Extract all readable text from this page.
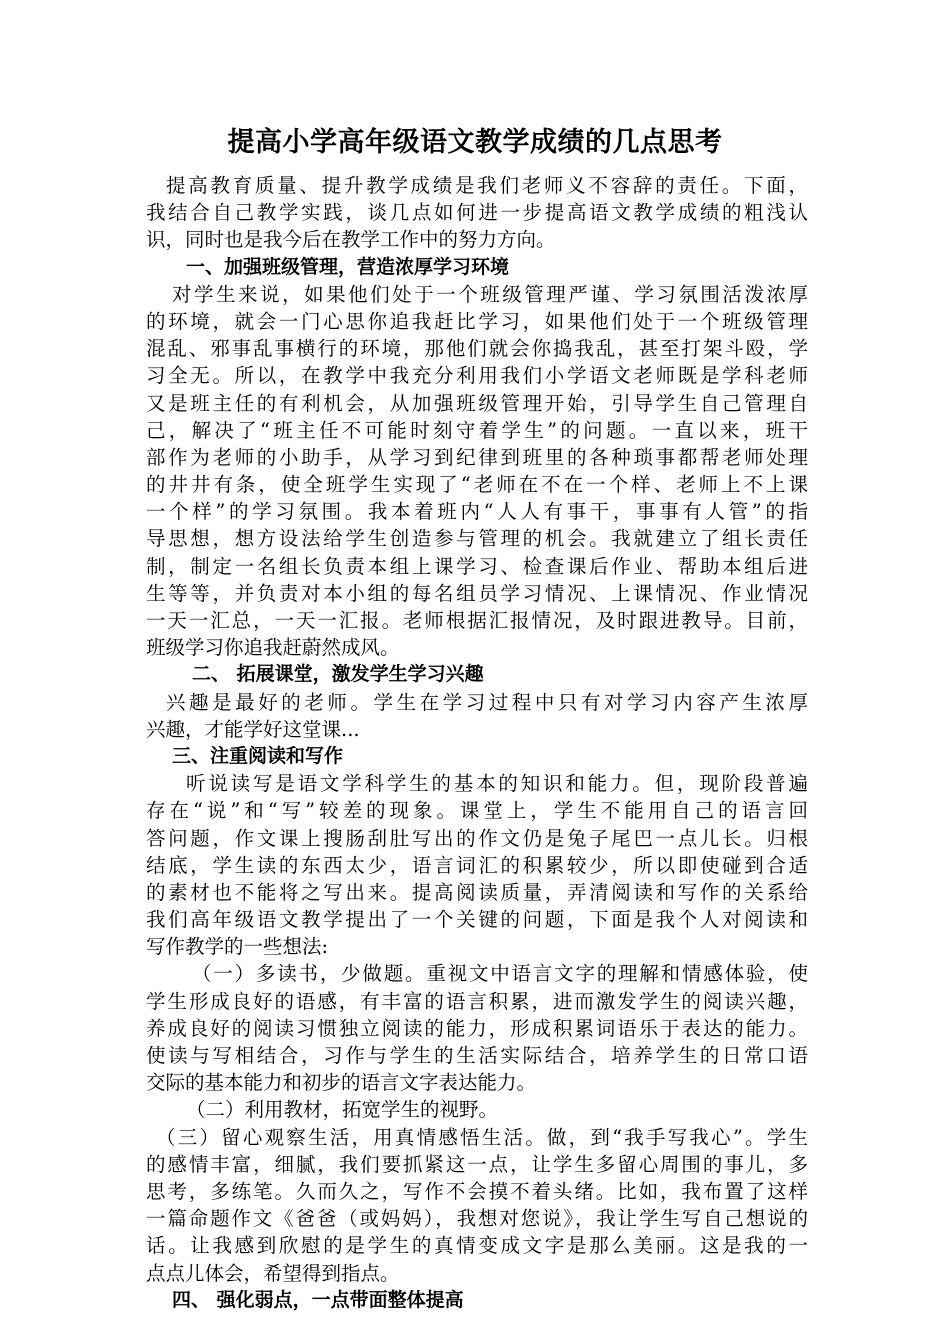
提高小学高年级语文教学成绩的几点思考
提高教育质量、提升教学成绩是我们老师义不容辞的责任。下面，
我结合自己教学实践，谈几点如何进一步提高语文教学成绩的粗浅认
识，同时也是我今后在教学工作中的努力方向。
一、加强班级管理，营造浓厚学习环境
对学生来说，如果他们处于一个班级管理严谨、学习氛围活泼浓厚
的环境，就会一门心思你追我赶比学习，如果他们处于一个班级管理
混乱、邪事乱事横行的环境，那他们就会你捣我乱，甚至打架斗殴，学
习全无。所以，在教学中我充分利用我们小学语文老师既是学科老师
又是班主任的有利机会，从加强班级管理开始，引导学生自己管理自
己，解决了“班主任不可能时刻守着学生”的问题。一直以来，班干
部作为老师的小助手，从学习到纪律到班里的各种琐事都帮老师处理
的井井有条，使全班学生实现了“老师在不在一个样、老师上不上课
一个样”的学习氛围。我本着班内“人人有事干，事事有人管”的指
导思想，想方设法给学生创造参与管理的机会。我就建立了组长责任
制，制定一名组长负责本组上课学习、检查课后作业、帮助本组后进
生等等，并负责对本小组的每名组员学习情况、上课情况、作业情况
一天一汇总，一天一汇报。老师根据汇报情况，及时跟进教导。目前，
班级学习你追我赶蔚然成风。
二、 拓展课堂，激发学生学习兴趣
兴趣是最好的老师。学生在学习过程中只有对学习内容产生浓厚
兴趣，才能学好这堂课...
三、注重阅读和写作
听说读写是语文学科学生的基本的知识和能力。但，现阶段普遍
存在“说”和“写”较差的现象。课堂上，学生不能用自己的语言回
答问题，作文课上搜肠刮肚写出的作文仍是兔子尾巴一点儿长。归根
结底，学生读的东西太少，语言词汇的积累较少，所以即使碰到合适
的素材也不能将之写出来。提高阅读质量，弄清阅读和写作的关系给
我们高年级语文教学提出了一个关键的问题，下面是我个人对阅读和
写作教学的一些想法:
（一）多读书，少做题。重视文中语言文字的理解和情感体验，使
学生形成良好的语感，有丰富的语言积累，进而激发学生的阅读兴趣，
养成良好的阅读习惯独立阅读的能力，形成积累词语乐于表达的能力。
使读与写相结合，习作与学生的生活实际结合，培养学生的日常口语
交际的基本能力和初步的语言文字表达能力。
（二）利用教材，拓宽学生的视野。
（三）留心观察生活，用真情感悟生活。做，到“我手写我心”。学生
的感情丰富，细腻，我们要抓紧这一点，让学生多留心周围的事儿，多
思考，多练笔。久而久之，写作不会摸不着头绪。比如，我布置了这样
一篇命题作文《爸爸（或妈妈），我想对您说》，我让学生写自己想说的
话。让我感到欣慰的是学生的真情变成文字是那么美丽。这是我的一
点点儿体会，希望得到指点。
四、 强化弱点，一点带面整体提高
